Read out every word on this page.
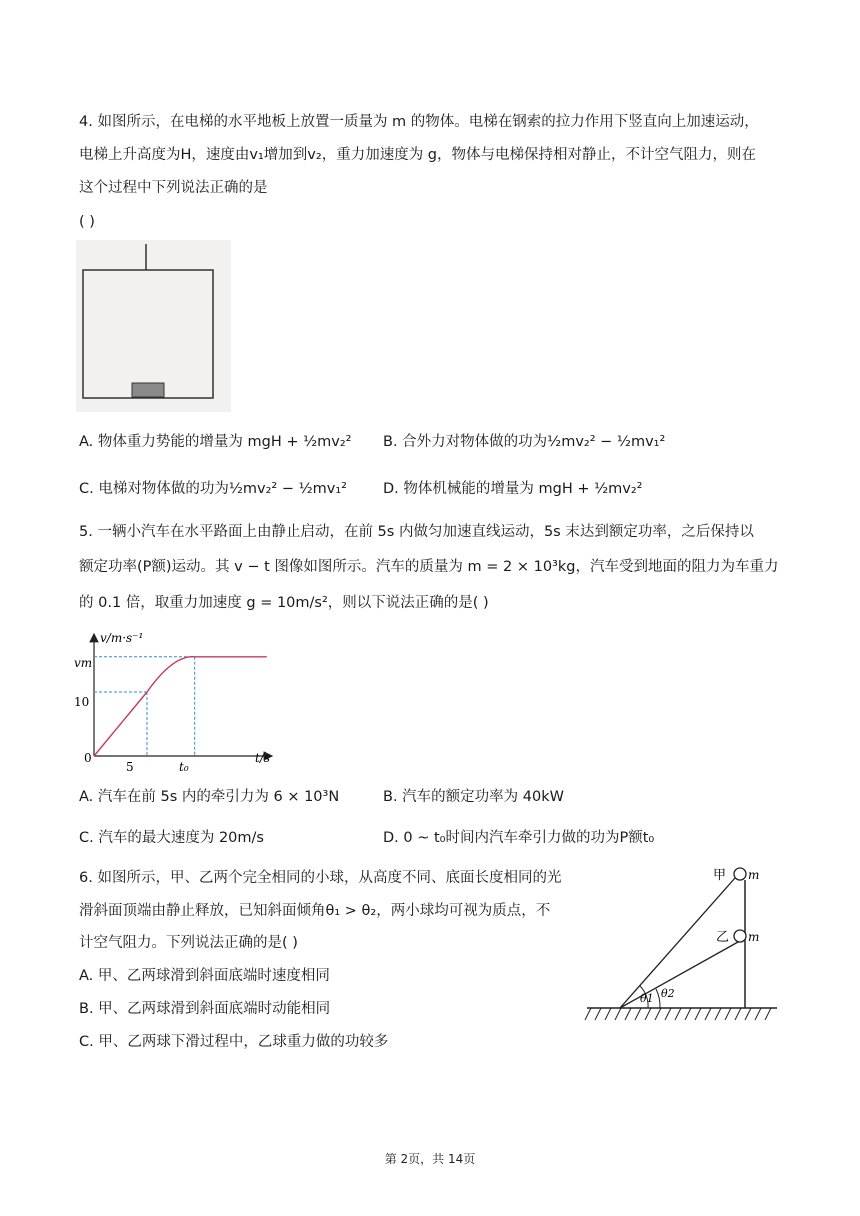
4. 如图所示，在电梯的水平地板上放置一质量为 m 的物体。电梯在钢索的拉力作用下竖直向上加速运动，
电梯上升高度为H，速度由v₁增加到v₂，重力加速度为 g，物体与电梯保持相对静止，不计空气阻力，则在
这个过程中下列说法正确的是
( )
A. 物体重力势能的增量为 mgH + ½mv₂² B. 合外力对物体做的功为½mv₂² − ½mv₁²
C. 电梯对物体做的功为½mv₂² − ½mv₁² D. 物体机械能的增量为 mgH + ½mv₂²
5. 一辆小汽车在水平路面上由静止启动，在前 5s 内做匀加速直线运动，5s 末达到额定功率，之后保持以
额定功率(P额)运动。其 v − t 图像如图所示。汽车的质量为 m = 2 × 10³kg，汽车受到地面的阻力为车重力
的 0.1 倍，取重力加速度 g = 10m/s²，则以下说法正确的是( )
v/m·s⁻¹
t/s
vm
10
0
5	t₀
A. 汽车在前 5s 内的牵引力为 6 × 10³N	B. 汽车的额定功率为 40kW
C. 汽车的最大速度为 20m/s	D. 0 ~ t₀时间内汽车牵引力做的功为P额t₀
6. 如图所示，甲、乙两个完全相同的小球，从高度不同、底面长度相同的光
滑斜面顶端由静止释放，已知斜面倾角θ₁ > θ₂，两小球均可视为质点，不
计空气阻力。下列说法正确的是( )
A. 甲、乙两球滑到斜面底端时速度相同
B. 甲、乙两球滑到斜面底端时动能相同
C. 甲、乙两球下滑过程中，乙球重力做的功较多
甲 m
乙 m
θ1 θ2
第 2页，共 14页
